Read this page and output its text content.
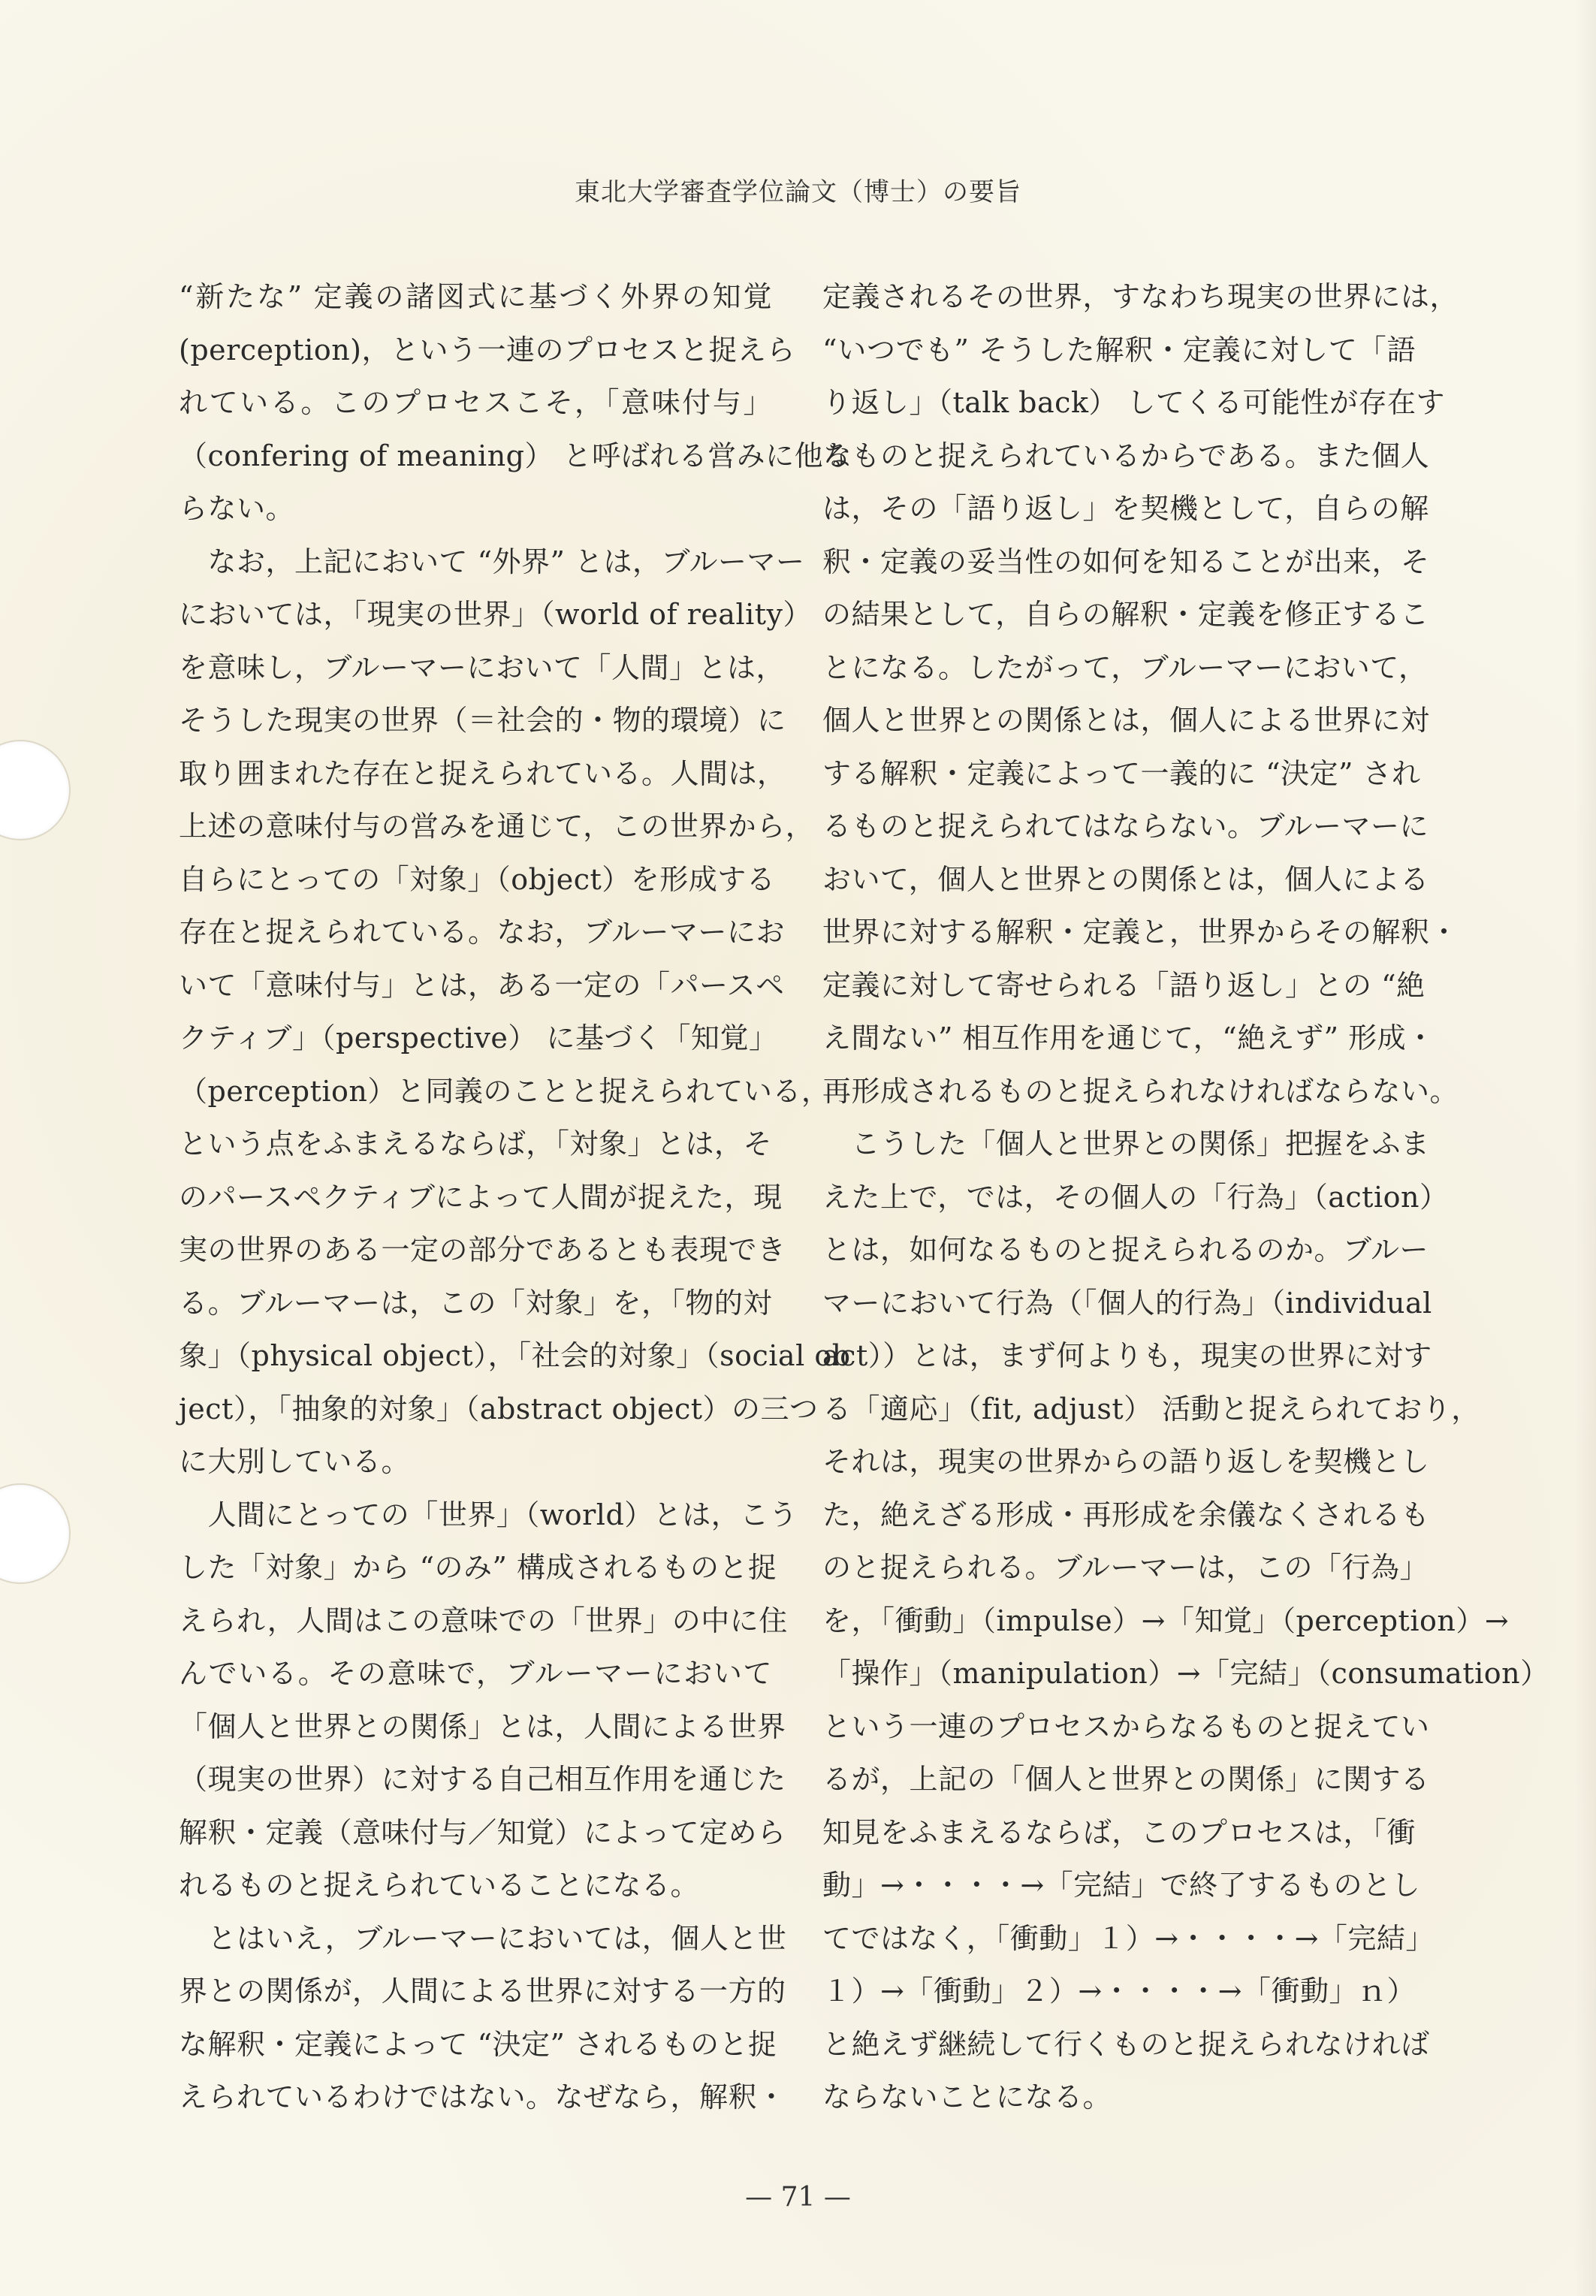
東北大学審査学位論文（博士）の要旨
“新たな” 定義の諸図式に基づく外界の知覚
(perception)，という一連のプロセスと捉えら
れている。このプロセスこそ，「意味付与」
（confering of meaning） と呼ばれる営みに他な
らない。
　なお，上記において “外界” とは，ブルーマー
においては，「現実の世界」（world of reality）
を意味し，ブルーマーにおいて「人間」とは，
そうした現実の世界（＝社会的・物的環境）に
取り囲まれた存在と捉えられている。人間は，
上述の意味付与の営みを通じて，この世界から，
自らにとっての「対象」（object）を形成する
存在と捉えられている。なお，ブルーマーにお
いて「意味付与」とは，ある一定の「パースペ
クティブ」（perspective） に基づく「知覚」
（perception）と同義のことと捉えられている，
という点をふまえるならば，「対象」とは，そ
のパースペクティブによって人間が捉えた，現
実の世界のある一定の部分であるとも表現でき
る。ブルーマーは，この「対象」を，「物的対
象」（physical object），「社会的対象」（social ob
ject），「抽象的対象」（abstract object）の三つ
に大別している。
　人間にとっての「世界」（world）とは，こう
した「対象」から “のみ” 構成されるものと捉
えられ，人間はこの意味での「世界」の中に住
んでいる。その意味で，ブルーマーにおいて
「個人と世界との関係」とは，人間による世界
（現実の世界）に対する自己相互作用を通じた
解釈・定義（意味付与／知覚）によって定めら
れるものと捉えられていることになる。
　とはいえ，ブルーマーにおいては，個人と世
界との関係が，人間による世界に対する一方的
な解釈・定義によって “決定” されるものと捉
えられているわけではない。なぜなら，解釈・
定義されるその世界，すなわち現実の世界には，
“いつでも” そうした解釈・定義に対して「語
り返し」（talk back） してくる可能性が存在す
るものと捉えられているからである。また個人
は，その「語り返し」を契機として，自らの解
釈・定義の妥当性の如何を知ることが出来，そ
の結果として，自らの解釈・定義を修正するこ
とになる。したがって，ブルーマーにおいて，
個人と世界との関係とは，個人による世界に対
する解釈・定義によって一義的に “決定” され
るものと捉えられてはならない。ブルーマーに
おいて，個人と世界との関係とは，個人による
世界に対する解釈・定義と，世界からその解釈・
定義に対して寄せられる「語り返し」との “絶
え間ない” 相互作用を通じて，“絶えず” 形成・
再形成されるものと捉えられなければならない。
　こうした「個人と世界との関係」把握をふま
えた上で，では，その個人の「行為」（action）
とは，如何なるものと捉えられるのか。ブルー
マーにおいて行為（「個人的行為」（individual
act））とは，まず何よりも，現実の世界に対す
る「適応」（fit, adjust） 活動と捉えられており，
それは，現実の世界からの語り返しを契機とし
た，絶えざる形成・再形成を余儀なくされるも
のと捉えられる。ブルーマーは，この「行為」
を，「衝動」（impulse）→「知覚」（perception）→
「操作」（manipulation）→「完結」（consumation）
という一連のプロセスからなるものと捉えてい
るが，上記の「個人と世界との関係」に関する
知見をふまえるならば，このプロセスは，「衝
動」→・・・・→「完結」で終了するものとし
てではなく，「衝動」１）→・・・・→「完結」
１）→「衝動」２）→・・・・→「衝動」ｎ）
と絶えず継続して行くものと捉えられなければ
ならないことになる。
— 71 —
